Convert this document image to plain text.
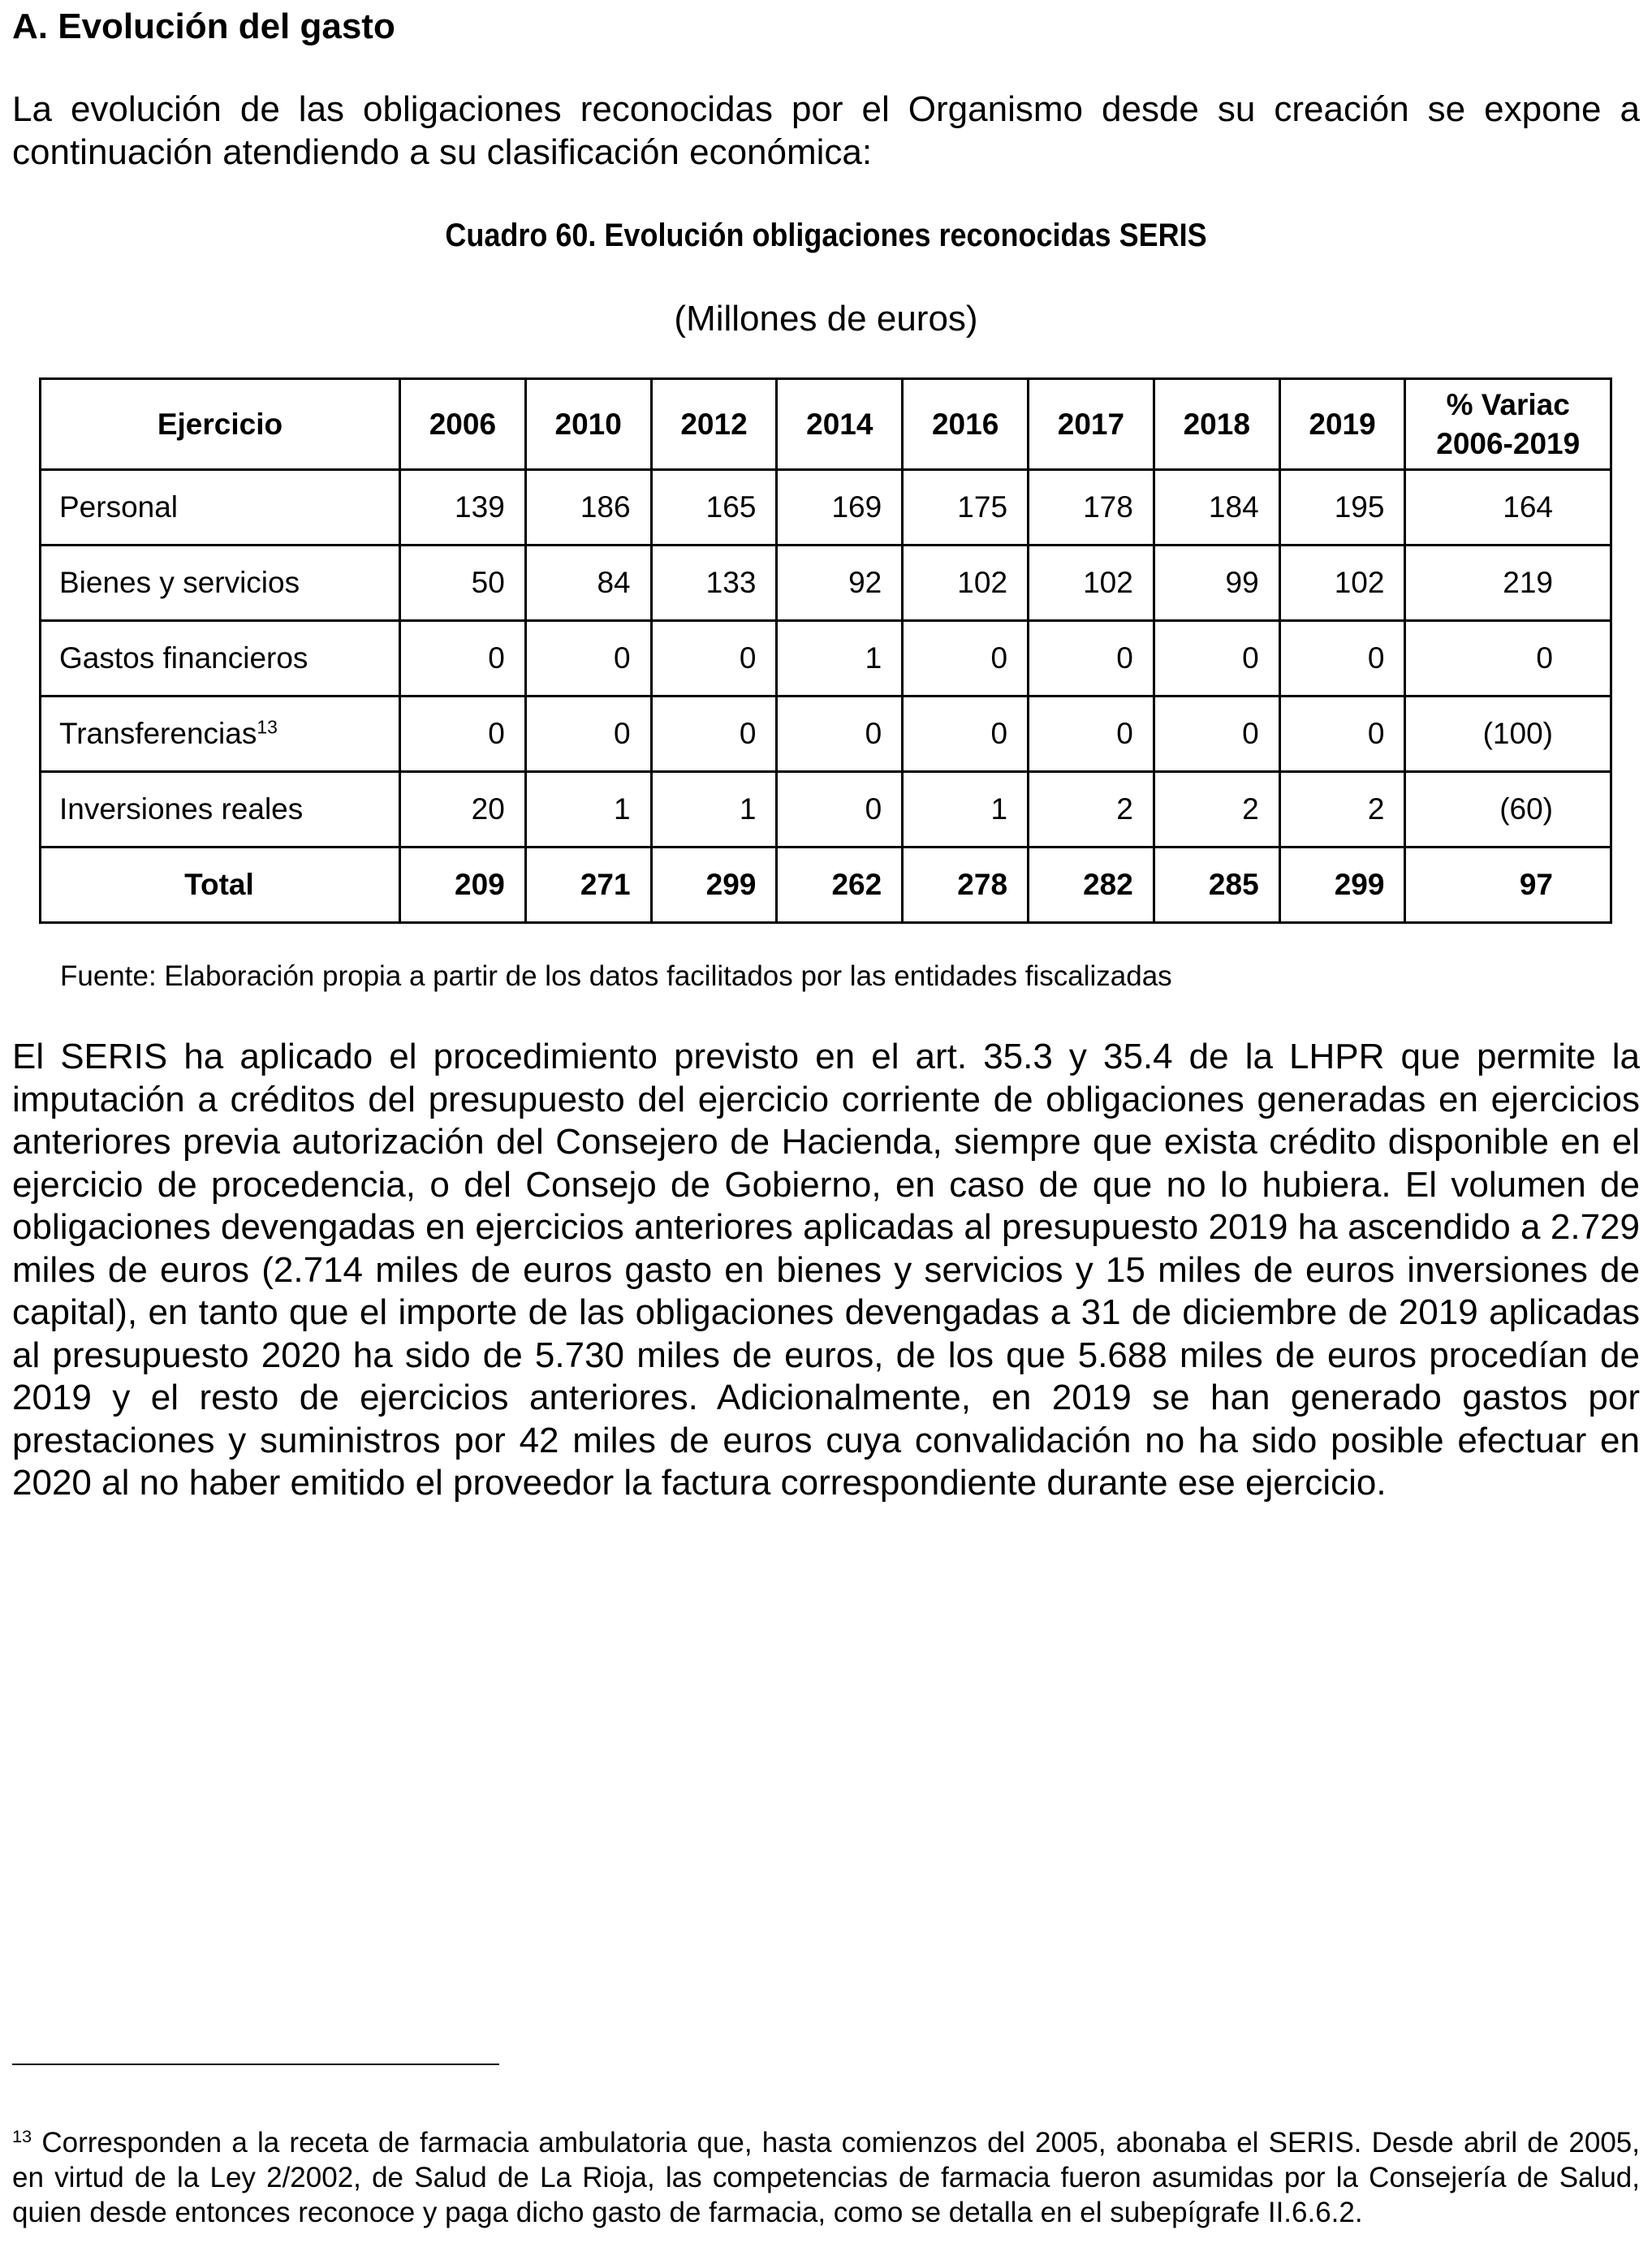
A. Evolución del gasto

La evolución de las obligaciones reconocidas por el Organismo desde su creación se expone a continuación atendiendo a su clasificación económica:

Cuadro 60. Evolución obligaciones reconocidas SERIS

(Millones de euros)

Ejercicio	2006	2010	2012	2014	2016	2017	2018	2019	% Variac
2006-2019
Personal	139	186	165	169	175	178	184	195	164
Bienes y servicios	50	84	133	92	102	102	99	102	219
Gastos financieros	0	0	0	1	0	0	0	0	0
Transferencias$^{13}$	0	0	0	0	0	0	0	0	(100)
Inversiones reales	20	1	1	0	1	2	2	2	(60)
Total	209	271	299	262	278	282	285	299	97

Fuente: Elaboración propia a partir de los datos facilitados por las entidades fiscalizadas

El SERIS ha aplicado el procedimiento previsto en el art. 35.3 y 35.4 de la LHPR que permite la imputación a créditos del presupuesto del ejercicio corriente de obligaciones generadas en ejercicios anteriores previa autorización del Consejero de Hacienda, siempre que exista crédito disponible en el ejercicio de procedencia, o del Consejo de Gobierno, en caso de que no lo hubiera. El volumen de obligaciones devengadas en ejercicios anteriores aplicadas al presupuesto 2019 ha ascendido a 2.729 miles de euros (2.714 miles de euros gasto en bienes y servicios y 15 miles de euros inversiones de capital), en tanto que el importe de las obligaciones devengadas a 31 de diciembre de 2019 aplicadas al presupuesto 2020 ha sido de 5.730 miles de euros, de los que 5.688 miles de euros procedían de 2019 y el resto de ejercicios anteriores. Adicionalmente, en 2019 se han generado gastos por prestaciones y suministros por 42 miles de euros cuya convalidación no ha sido posible efectuar en 2020 al no haber emitido el proveedor la factura correspondiente durante ese ejercicio.

$^{13}$ Corresponden a la receta de farmacia ambulatoria que, hasta comienzos del 2005, abonaba el SERIS. Desde abril de 2005, en virtud de la Ley 2/2002, de Salud de La Rioja, las competencias de farmacia fueron asumidas por la Consejería de Salud, quien desde entonces reconoce y paga dicho gasto de farmacia, como se detalla en el subepígrafe II.6.6.2.
